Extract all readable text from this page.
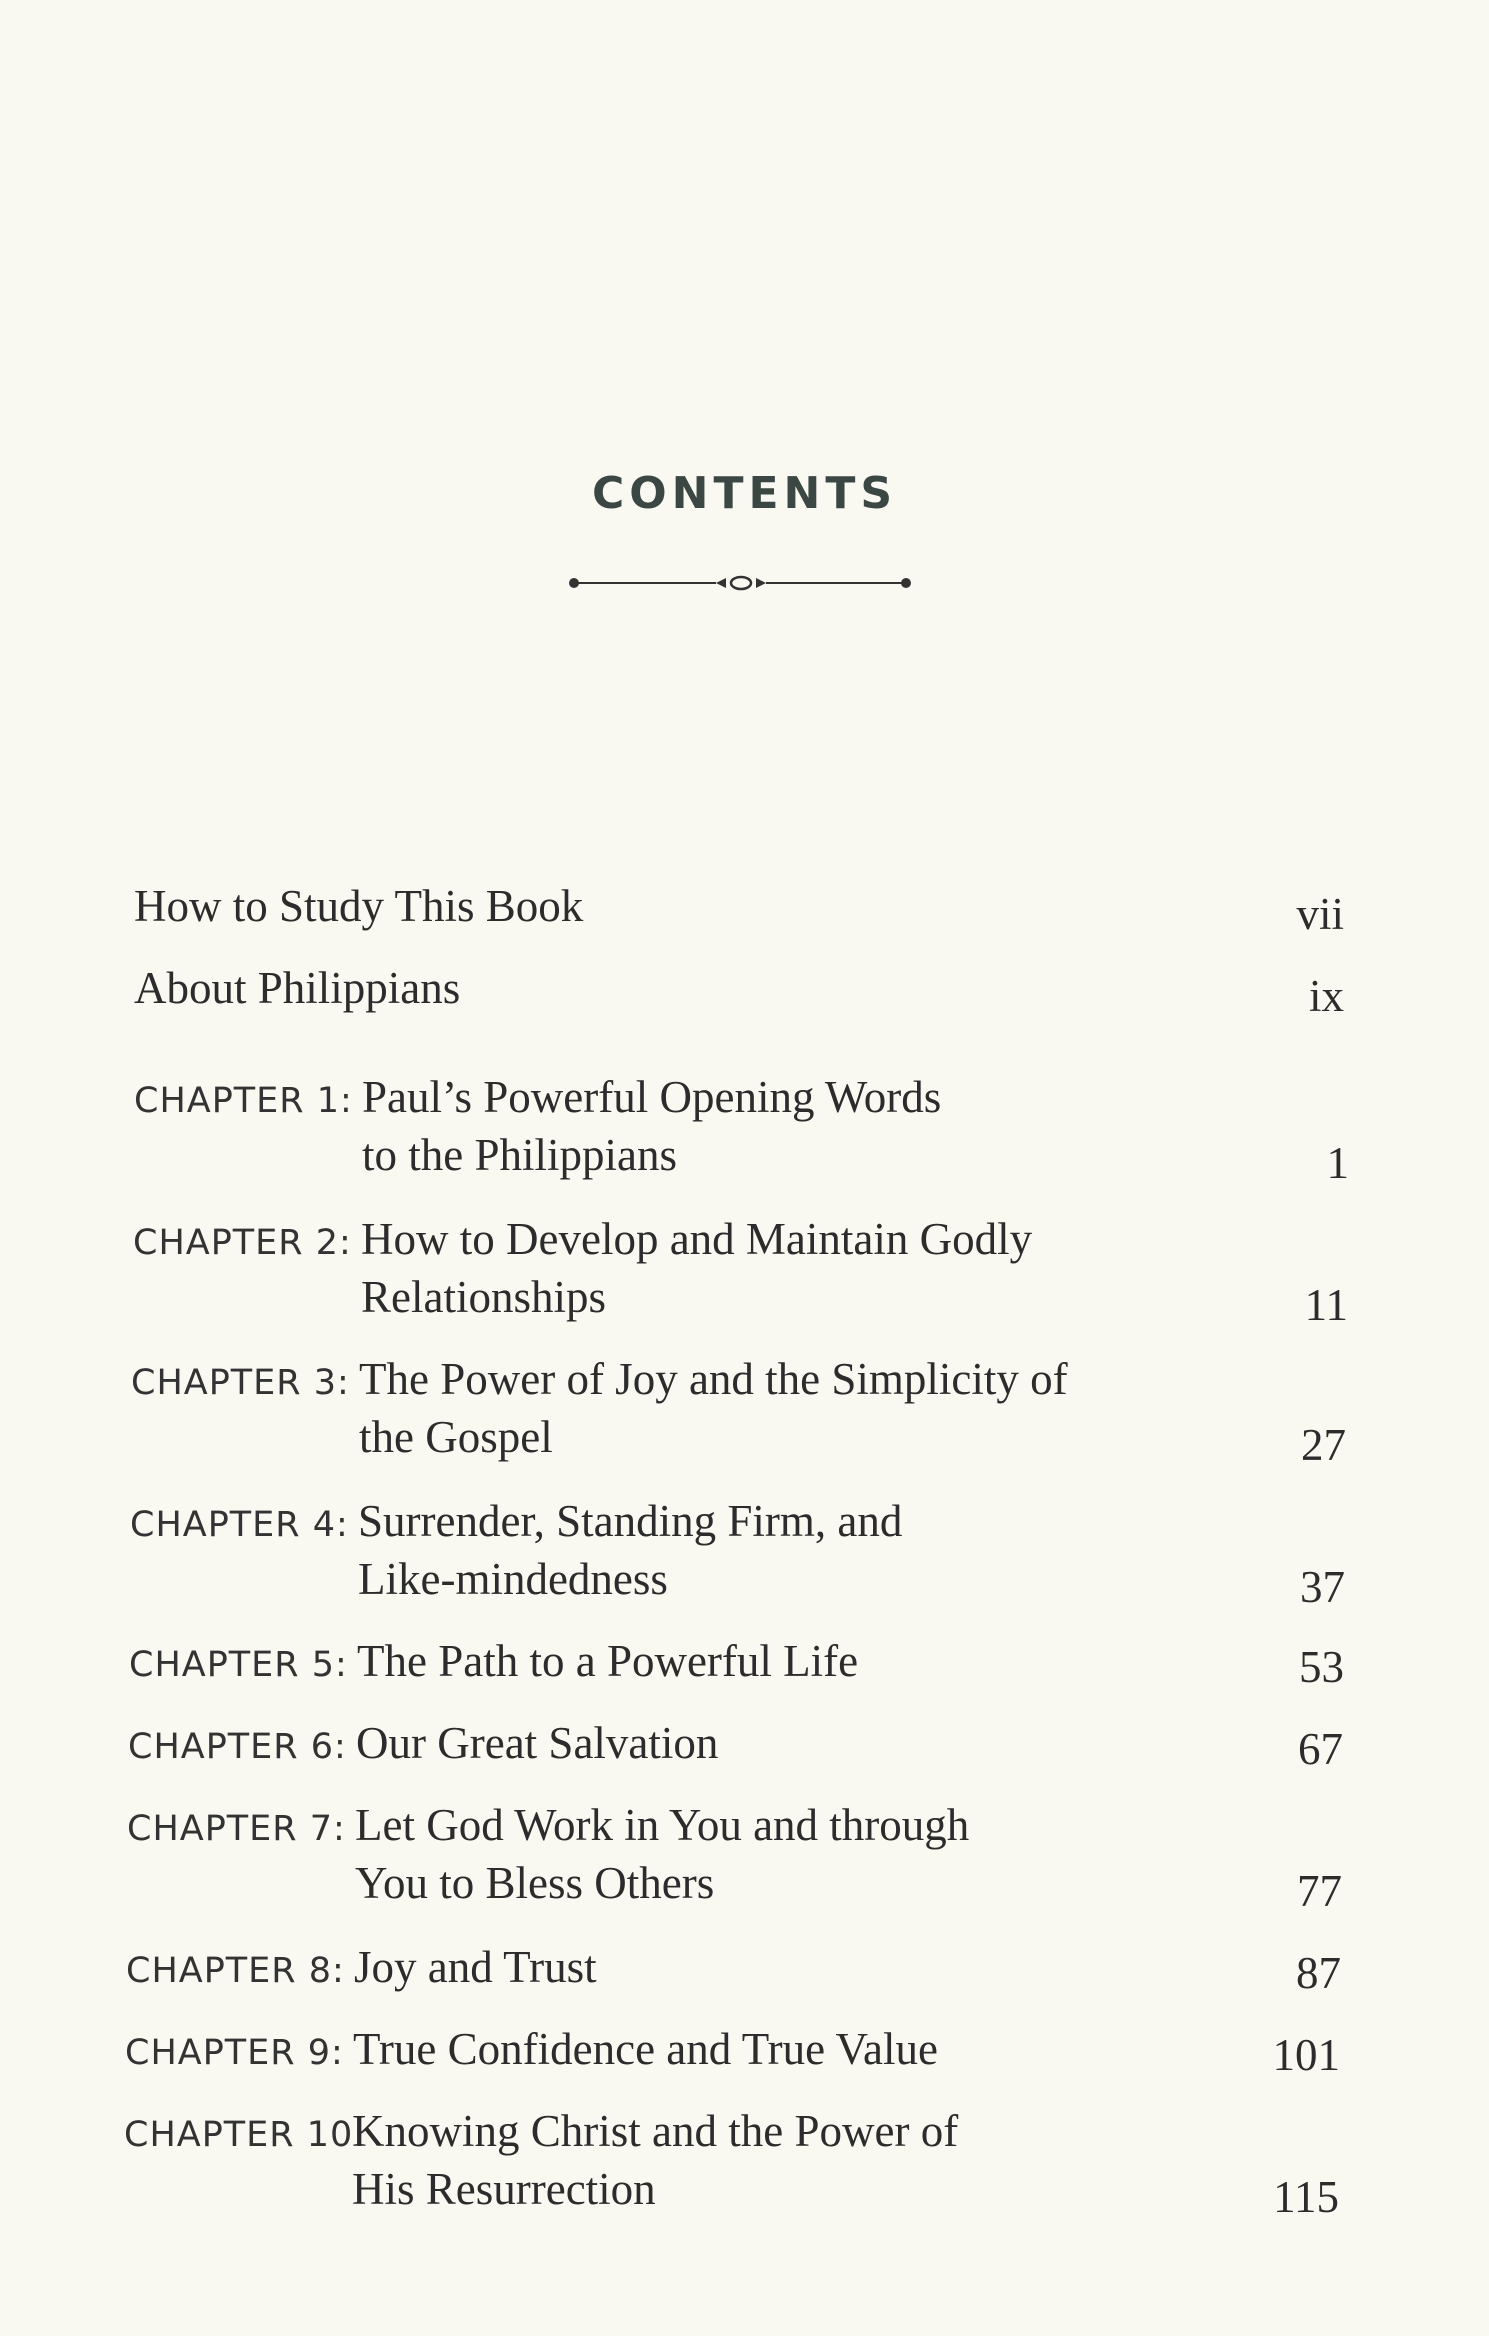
CONTENTS
How to Study This Book	vii
About Philippians	ix
CHAPTER 1: Paul’s Powerful Opening Words
to the Philippians	1
CHAPTER 2: How to Develop and Maintain Godly
Relationships	11
CHAPTER 3: The Power of Joy and the Simplicity of
the Gospel	27
CHAPTER 4: Surrender, Standing Firm, and
Like-mindedness	37
CHAPTER 5: The Path to a Powerful Life	53
CHAPTER 6: Our Great Salvation	67
CHAPTER 7: Let God Work in You and through
You to Bless Others	77
CHAPTER 8: Joy and Trust	87
CHAPTER 9: True Confidence and True Value	101
CHAPTER 10:
Knowing Christ and the Power of
His Resurrection	115
